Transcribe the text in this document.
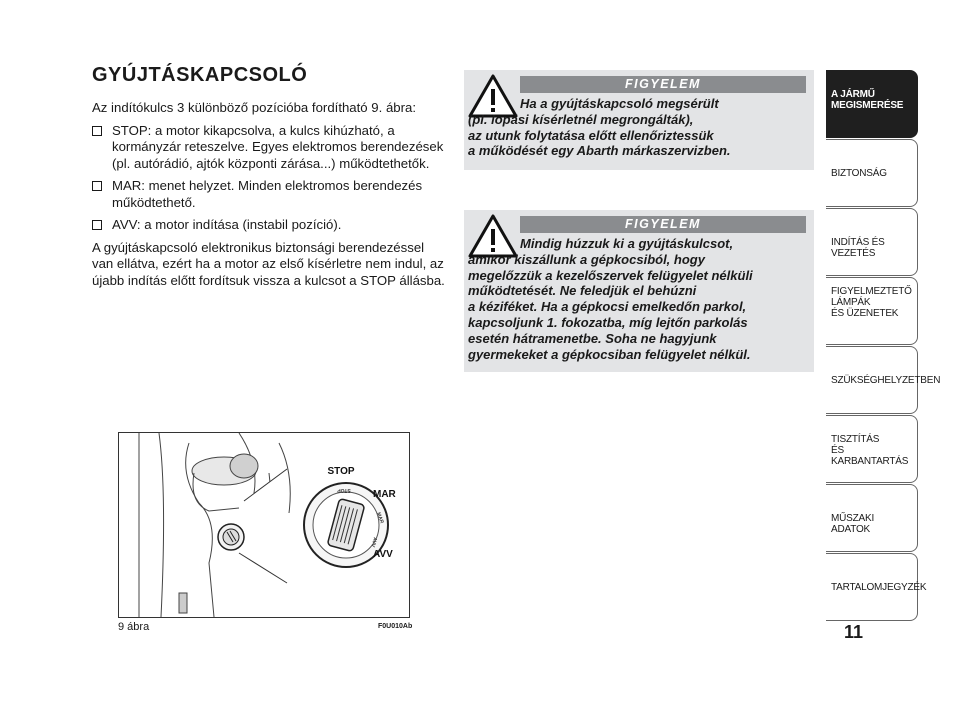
GYÚJTÁSKAPCSOLÓ

Az indítókulcs 3 különböző pozícióba fordítható 9. ábra:

STOP: a motor kikapcsolva, a kulcs kihúzható, a kormányzár reteszelve. Egyes elektromos berendezések (pl. autórádió, ajtók központi zárása...) működtethetők.
MAR: menet helyzet. Minden elektromos berendezés működtethető.
AVV: a motor indítása (instabil pozíció).

A gyújtáskapcsoló elektronikus biztonsági berendezéssel van ellátva, ezért ha a motor az első kísérletre nem indul, az újabb indítás előtt fordítsuk vissza a kulcsot a STOP állásba.

FIGYELEM

Ha a gyújtáskapcsoló megsérült
(pl. lopási kísérletnél megrongálták),
az utunk folytatása előtt ellenőriztessük
a működését egy Abarth márkaszervizben.

FIGYELEM

Mindig húzzuk ki a gyújtáskulcsot,
amikor kiszállunk a gépkocsiból, hogy
megelőzzük a kezelőszervek felügyelet nélküli
működtetését. Ne feledjük el behúzni
a kéziféket. Ha a gépkocsi emelkedőn parkol,
kapcsoljunk 1. fokozatba, míg lejtőn parkolás
esetén hátramenetbe. Soha ne hagyjunk
gyermekeket a gépkocsiban felügyelet nélkül.

STOP
MAR
AVV
STOP
MAR
AVV
9 ábra	F0U010Ab
A JÁRMŰ
MEGISMERÉSE
BIZTONSÁG
INDÍTÁS ÉS VEZETÉS
FIGYELMEZTETŐ
LÁMPÁK
ÉS ÜZENETEK
SZÜKSÉGHELYZETBEN
TISZTÍTÁS
ÉS KARBANTARTÁS
MŰSZAKI ADATOK
TARTALOMJEGYZÉK
11
